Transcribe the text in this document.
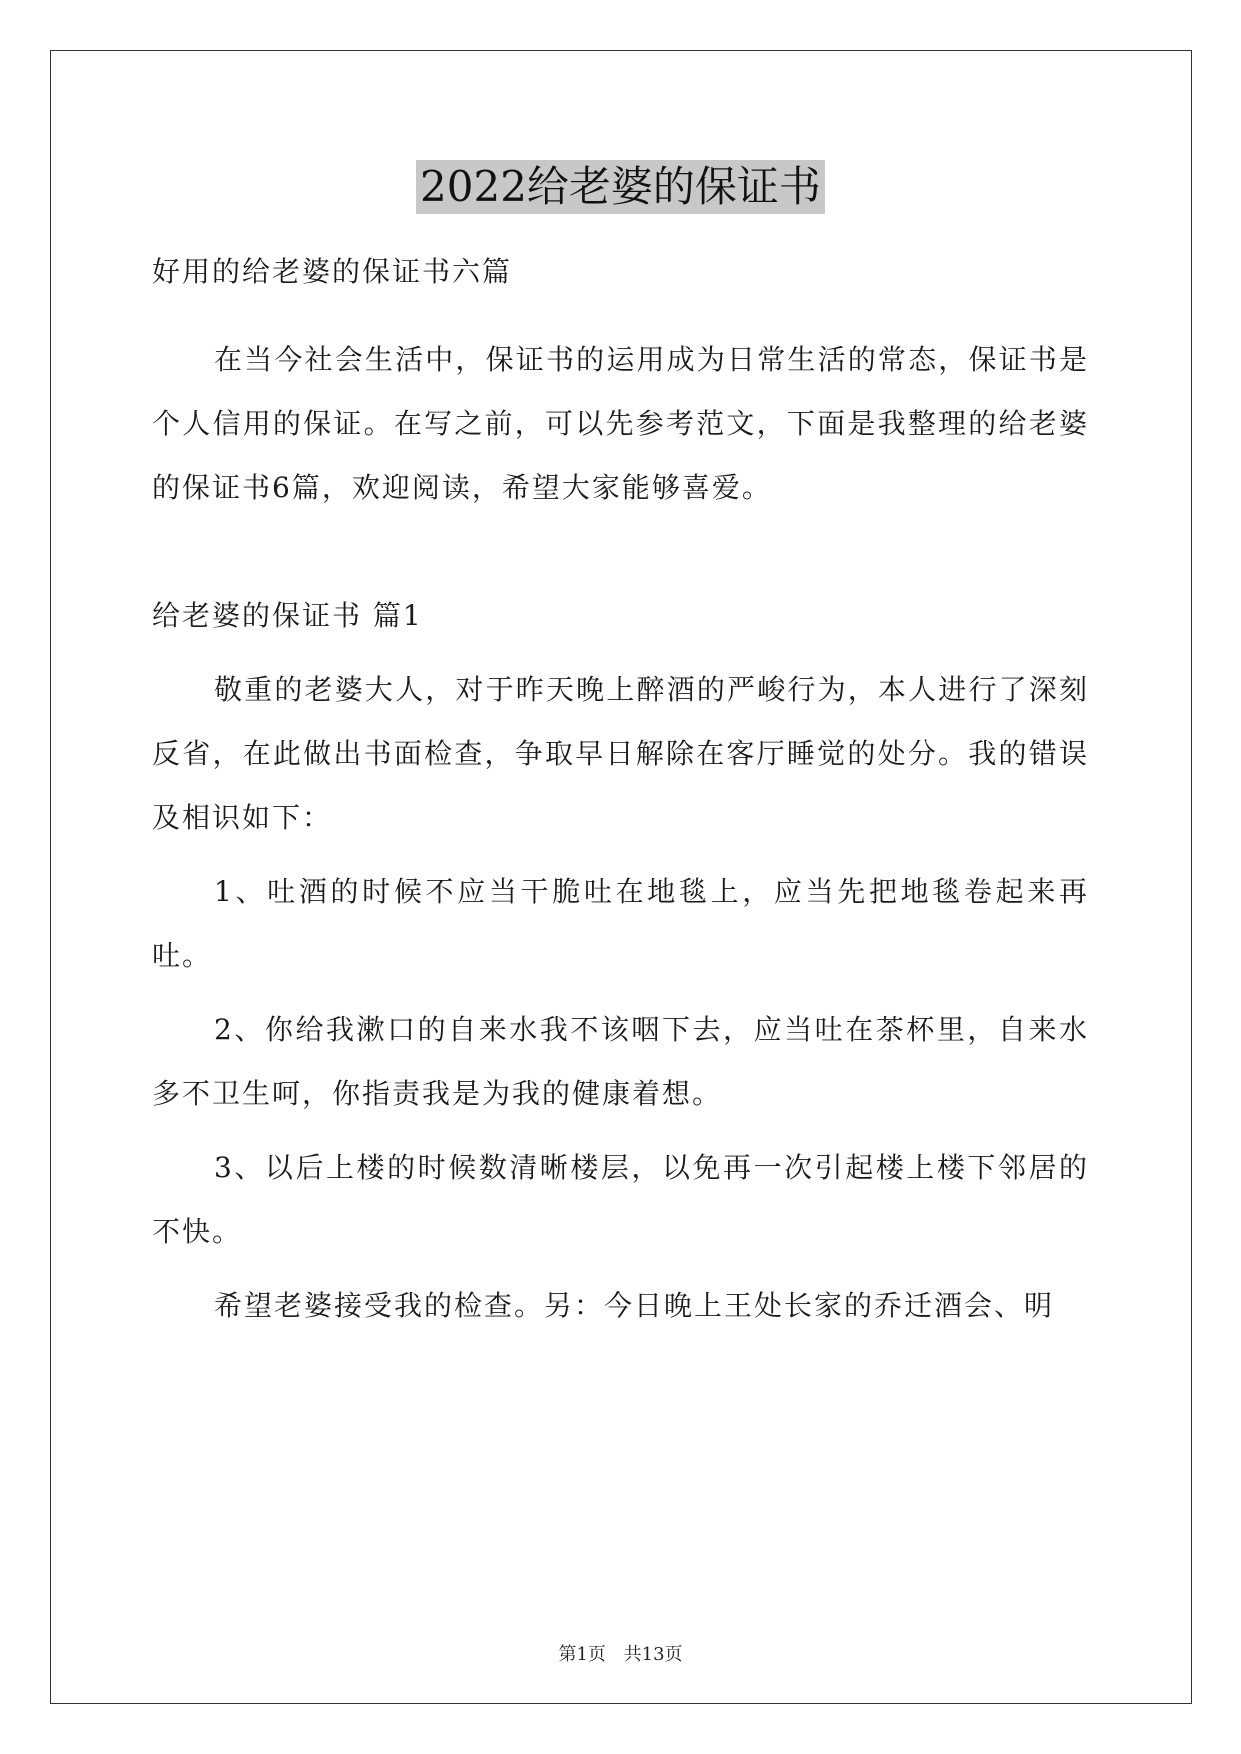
2022给老婆的保证书

好用的给老婆的保证书六篇

在当今社会生活中，保证书的运用成为日常生活的常态，保证书是个人信用的保证。在写之前，可以先参考范文，下面是我整理的给老婆的保证书6篇，欢迎阅读，希望大家能够喜爱。

给老婆的保证书 篇1

敬重的老婆大人，对于昨天晚上醉酒的严峻行为，本人进行了深刻反省，在此做出书面检查，争取早日解除在客厅睡觉的处分。我的错误及相识如下：

1、吐酒的时候不应当干脆吐在地毯上，应当先把地毯卷起来再吐。

2、你给我漱口的自来水我不该咽下去，应当吐在茶杯里，自来水多不卫生呵，你指责我是为我的健康着想。

3、以后上楼的时候数清晰楼层，以免再一次引起楼上楼下邻居的不快。

希望老婆接受我的检查。另：今日晚上王处长家的乔迁酒会、明

第1页 共13页
